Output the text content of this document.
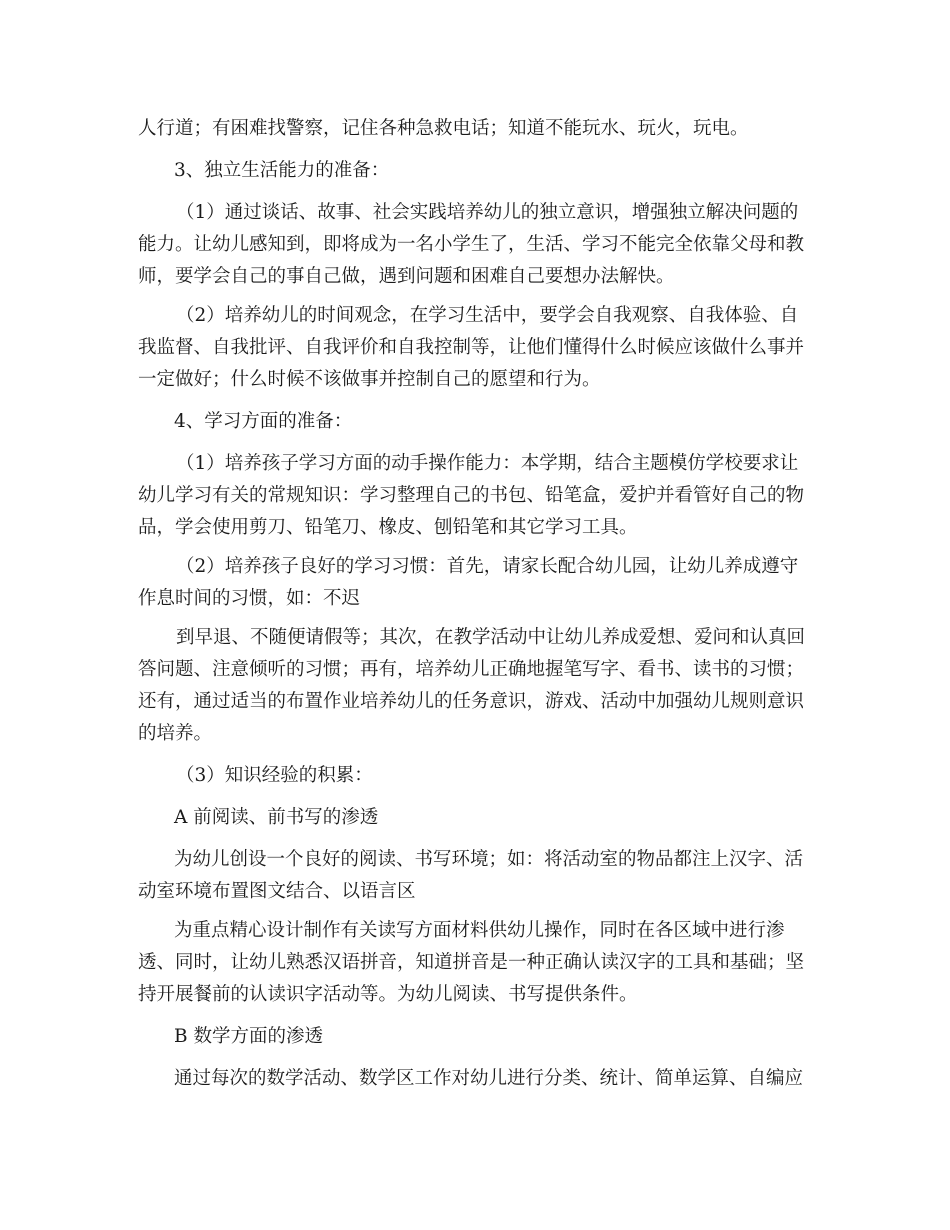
人行道；有困难找警察，记住各种急救电话；知道不能玩水、玩火，玩电。
3、独立生活能力的准备：
（1）通过谈话、故事、社会实践培养幼儿的独立意识，增强独立解决问题的
能力。让幼儿感知到，即将成为一名小学生了，生活、学习不能完全依靠父母和教
师，要学会自己的事自己做，遇到问题和困难自己要想办法解快。
（2）培养幼儿的时间观念，在学习生活中，要学会自我观察、自我体验、自
我监督、自我批评、自我评价和自我控制等，让他们懂得什么时候应该做什么事并
一定做好；什么时候不该做事并控制自己的愿望和行为。
4、学习方面的准备：
（1）培养孩子学习方面的动手操作能力：本学期，结合主题模仿学校要求让
幼儿学习有关的常规知识：学习整理自己的书包、铅笔盒，爱护并看管好自己的物
品，学会使用剪刀、铅笔刀、橡皮、刨铅笔和其它学习工具。
（2）培养孩子良好的学习习惯：首先，请家长配合幼儿园，让幼儿养成遵守
作息时间的习惯，如：不迟
到早退、不随便请假等；其次，在教学活动中让幼儿养成爱想、爱问和认真回
答问题、注意倾听的习惯；再有，培养幼儿正确地握笔写字、看书、读书的习惯；
还有，通过适当的布置作业培养幼儿的任务意识，游戏、活动中加强幼儿规则意识
的培养。
（3）知识经验的积累：
A 前阅读、前书写的渗透
为幼儿创设一个良好的阅读、书写环境；如：将活动室的物品都注上汉字、活
动室环境布置图文结合、以语言区
为重点精心设计制作有关读写方面材料供幼儿操作，同时在各区域中进行渗
透、同时，让幼儿熟悉汉语拼音，知道拼音是一种正确认读汉字的工具和基础；坚
持开展餐前的认读识字活动等。为幼儿阅读、书写提供条件。
B 数学方面的渗透
通过每次的数学活动、数学区工作对幼儿进行分类、统计、简单运算、自编应
